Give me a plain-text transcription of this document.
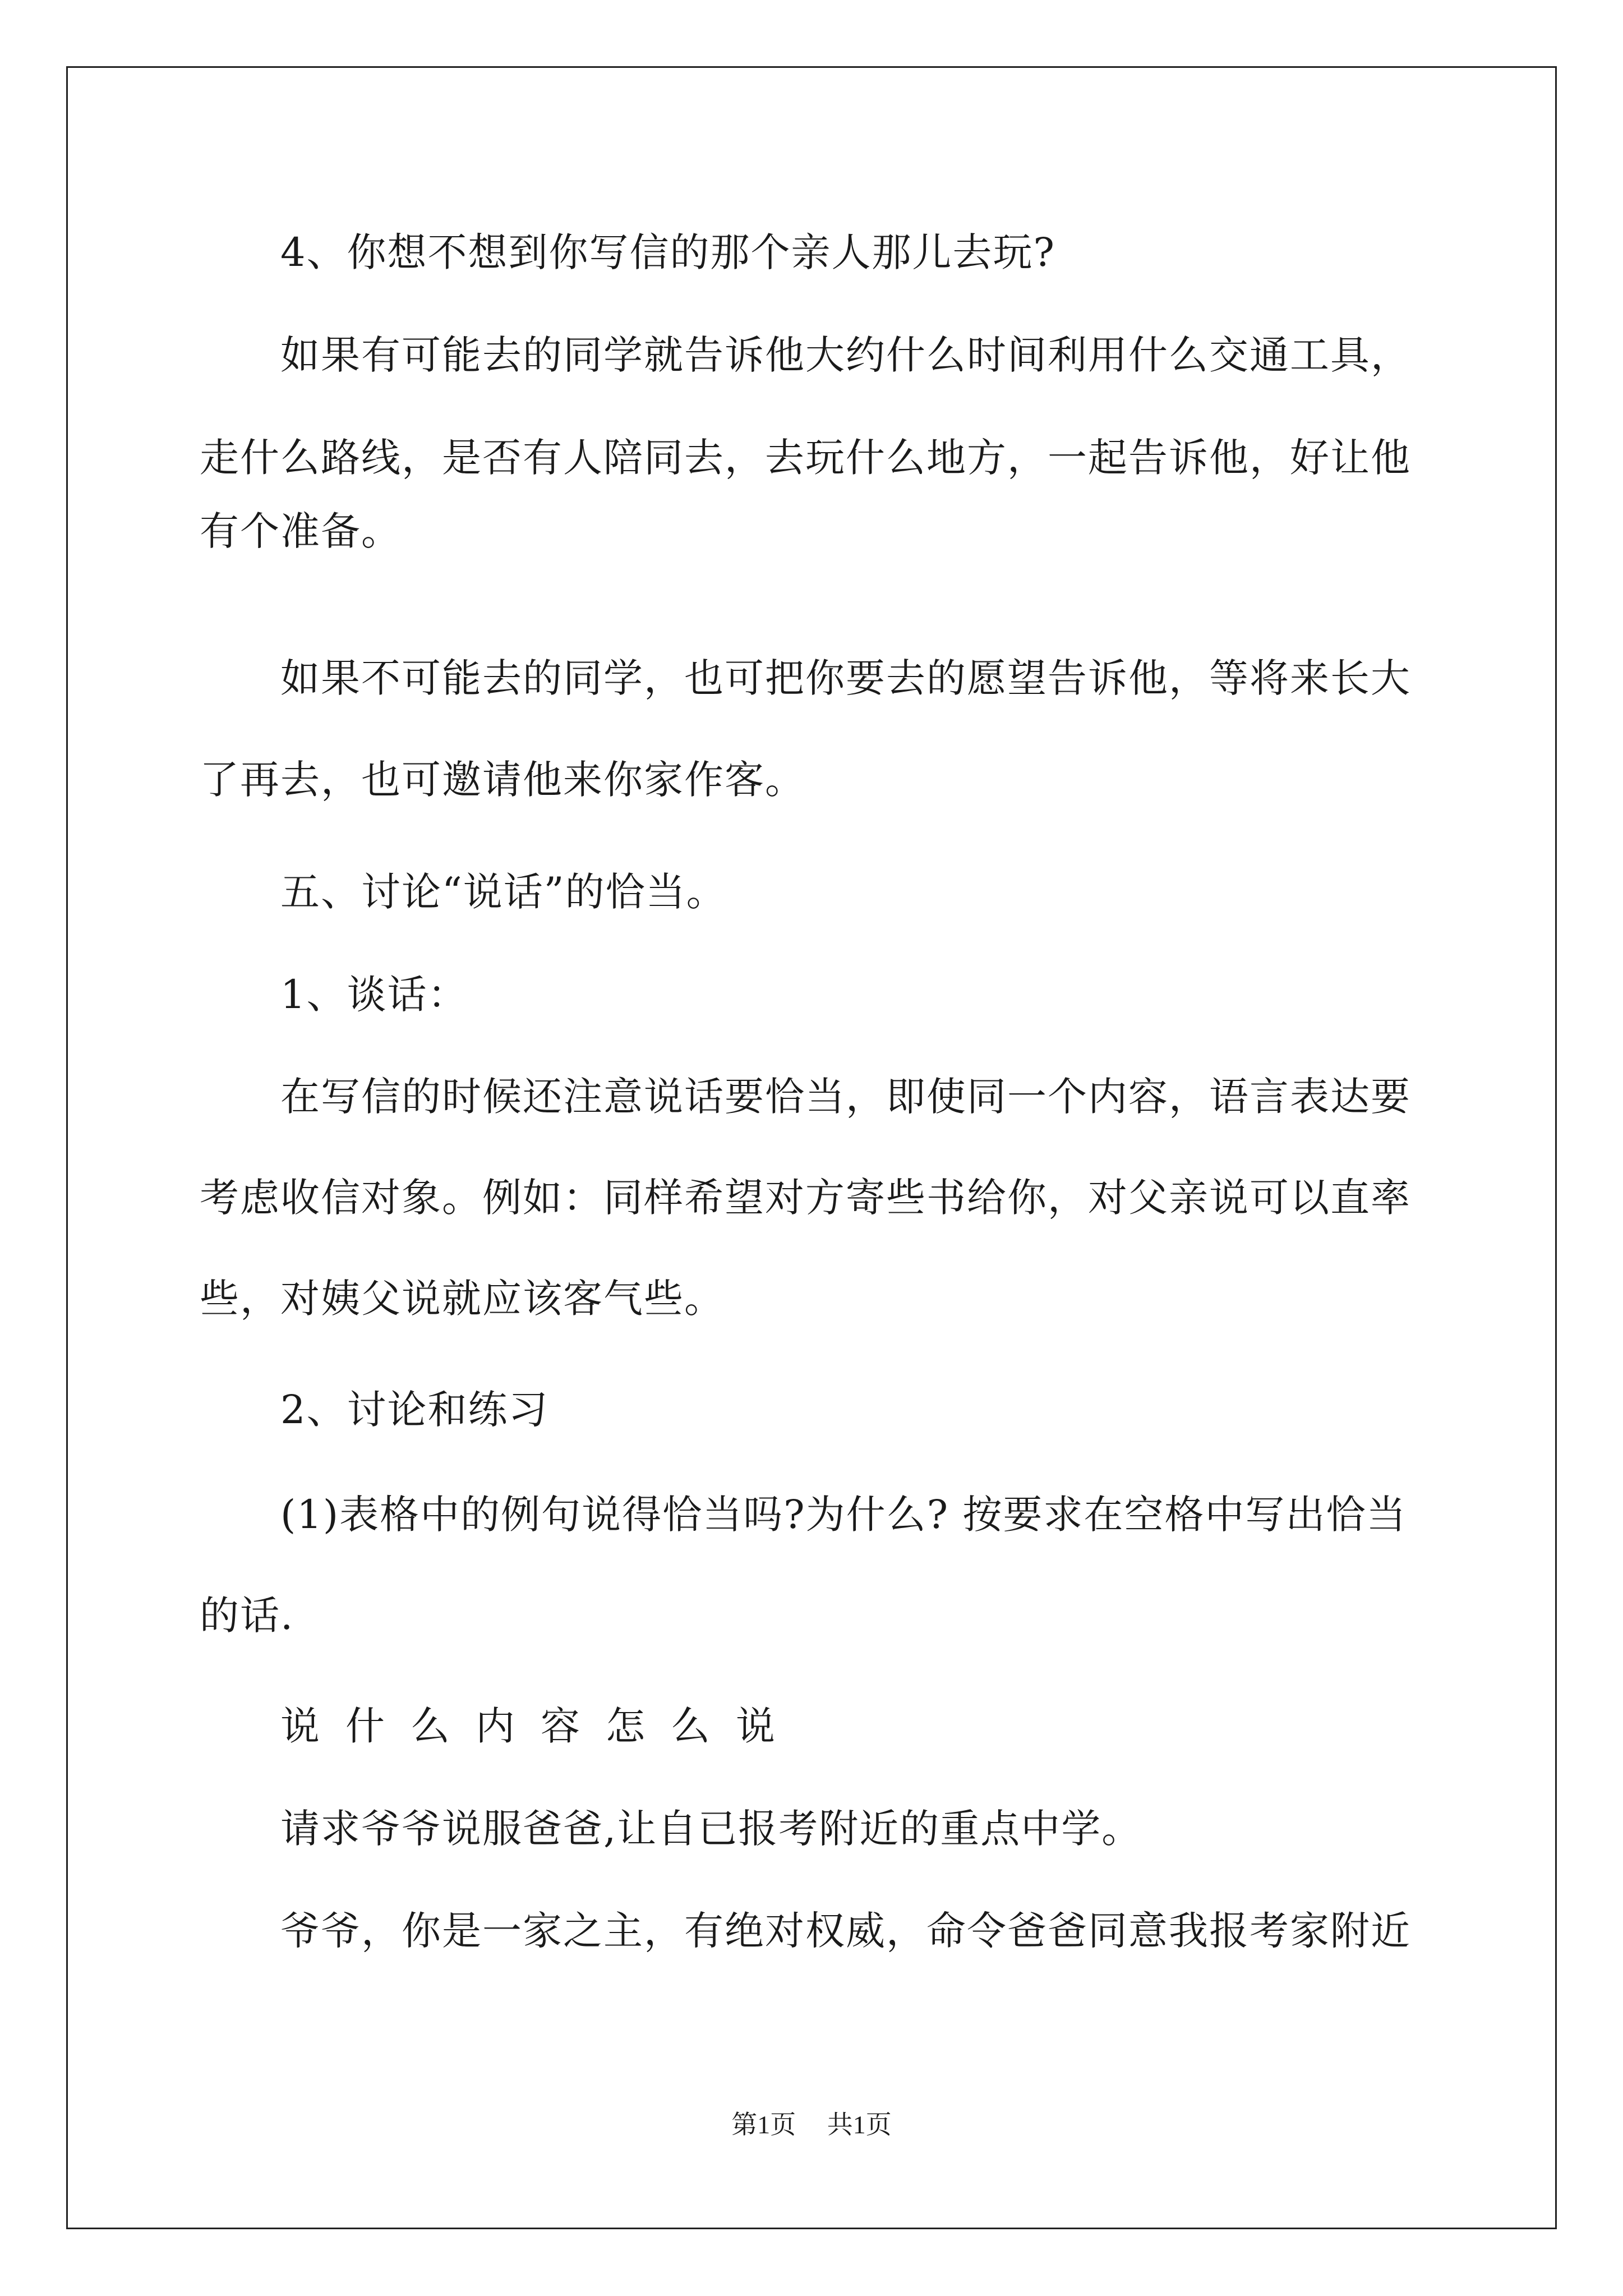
4、你想不想到你写信的那个亲人那儿去玩?
如果有可能去的同学就告诉他大约什么时间利用什么交通工具，
走什么路线，是否有人陪同去，去玩什么地方，一起告诉他，好让他
有个准备。
如果不可能去的同学，也可把你要去的愿望告诉他，等将来长大
了再去，也可邀请他来你家作客。
五、讨论“说话”的恰当。
1、谈话：
在写信的时候还注意说话要恰当，即使同一个内容，语言表达要
考虑收信对象。例如：同样希望对方寄些书给你，对父亲说可以直率
些，对姨父说就应该客气些。
2、讨论和练习
(1)表格中的例句说得恰当吗?为什么? 按要求在空格中写出恰当
的话.
说什么内容怎么说
请求爷爷说服爸爸,让自已报考附近的重点中学。
爷爷，你是一家之主，有绝对权威，命令爸爸同意我报考家附近
第1页 共1页
